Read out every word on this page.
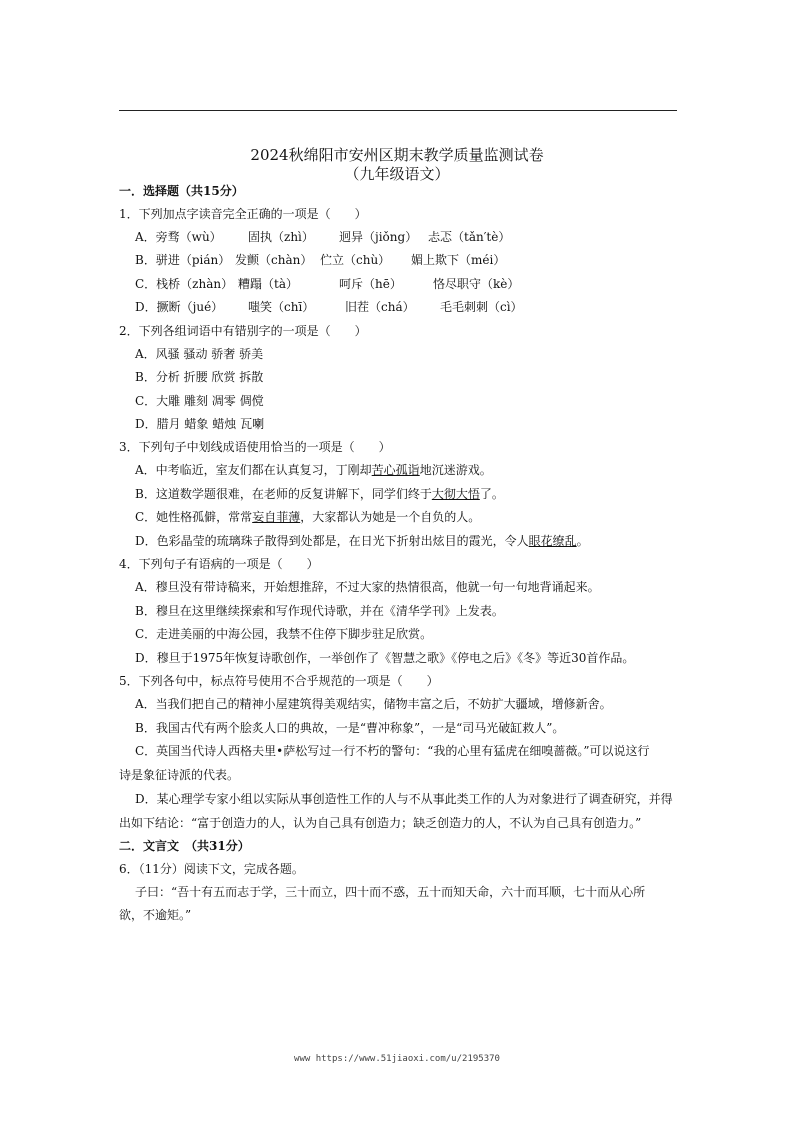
2024秋绵阳市安州区期末教学质量监测试卷
（九年级语文）
一．选择题（共15分）
1．下列加点字读音完全正确的一项是（　　）
A．旁骛（wù） 固执（zhì） 迥异（jiǒng） 忐忑（tǎn′tè）
B．骈进（pián） 发颤（chàn） 伫立（chù） 媚上欺下（méi）
C．栈桥（zhàn） 糟蹋（tà）	呵斥（hē）	恪尽职守（kè）
D．撅断（jué） 嗤笑（chī）	旧茬（chá） 毛毛刺刺（cì）
2．下列各组词语中有错别字的一项是（　　）
A．风骚 骚动 骄奢 骄美
B．分析 折腰 欣赏 拆散
C．大雕 雕刻 凋零 倜傥
D．腊月 蜡象 蜡烛 瓦喇
3．下列句子中划线成语使用恰当的一项是（　　）
A．中考临近，室友们都在认真复习，丁刚却苦心孤诣地沉迷游戏。
B．这道数学题很难，在老师的反复讲解下，同学们终于大彻大悟了。
C．她性格孤僻，常常妄自菲薄，大家都认为她是一个自负的人。
D．色彩晶莹的琉璃珠子散得到处都是，在日光下折射出炫目的霞光，令人眼花缭乱。
4．下列句子有语病的一项是（　　）
A．穆旦没有带诗稿来，开始想推辞，不过大家的热情很高，他就一句一句地背诵起来。
B．穆旦在这里继续探索和写作现代诗歌，并在《清华学刊》上发表。
C．走进美丽的中海公园，我禁不住停下脚步驻足欣赏。
D．穆旦于1975年恢复诗歌创作，一举创作了《智慧之歌》《停电之后》《冬》等近30首作品。
5．下列各句中，标点符号使用不合乎规范的一项是（　　）
A．当我们把自己的精神小屋建筑得美观结实，储物丰富之后，不妨扩大疆域，增修新舍。
B．我国古代有两个脍炙人口的典故，一是“曹冲称象”，一是“司马光破缸救人”。
C．英国当代诗人西格夫里•萨松写过一行不朽的警句：“我的心里有猛虎在细嗅蔷薇。”可以说这行
诗是象征诗派的代表。
D．某心理学专家小组以实际从事创造性工作的人与不从事此类工作的人为对象进行了调查研究，并得
出如下结论：“富于创造力的人，认为自己具有创造力；缺乏创造力的人，不认为自己具有创造力。”
二．文言文　（共31分）
6．（11分）阅读下文，完成各题。
子曰：“吾十有五而志于学，三十而立，四十而不惑，五十而知天命，六十而耳顺，七十而从心所
欲，不逾矩。”
www https://www.51jiaoxi.com/u/2195370
